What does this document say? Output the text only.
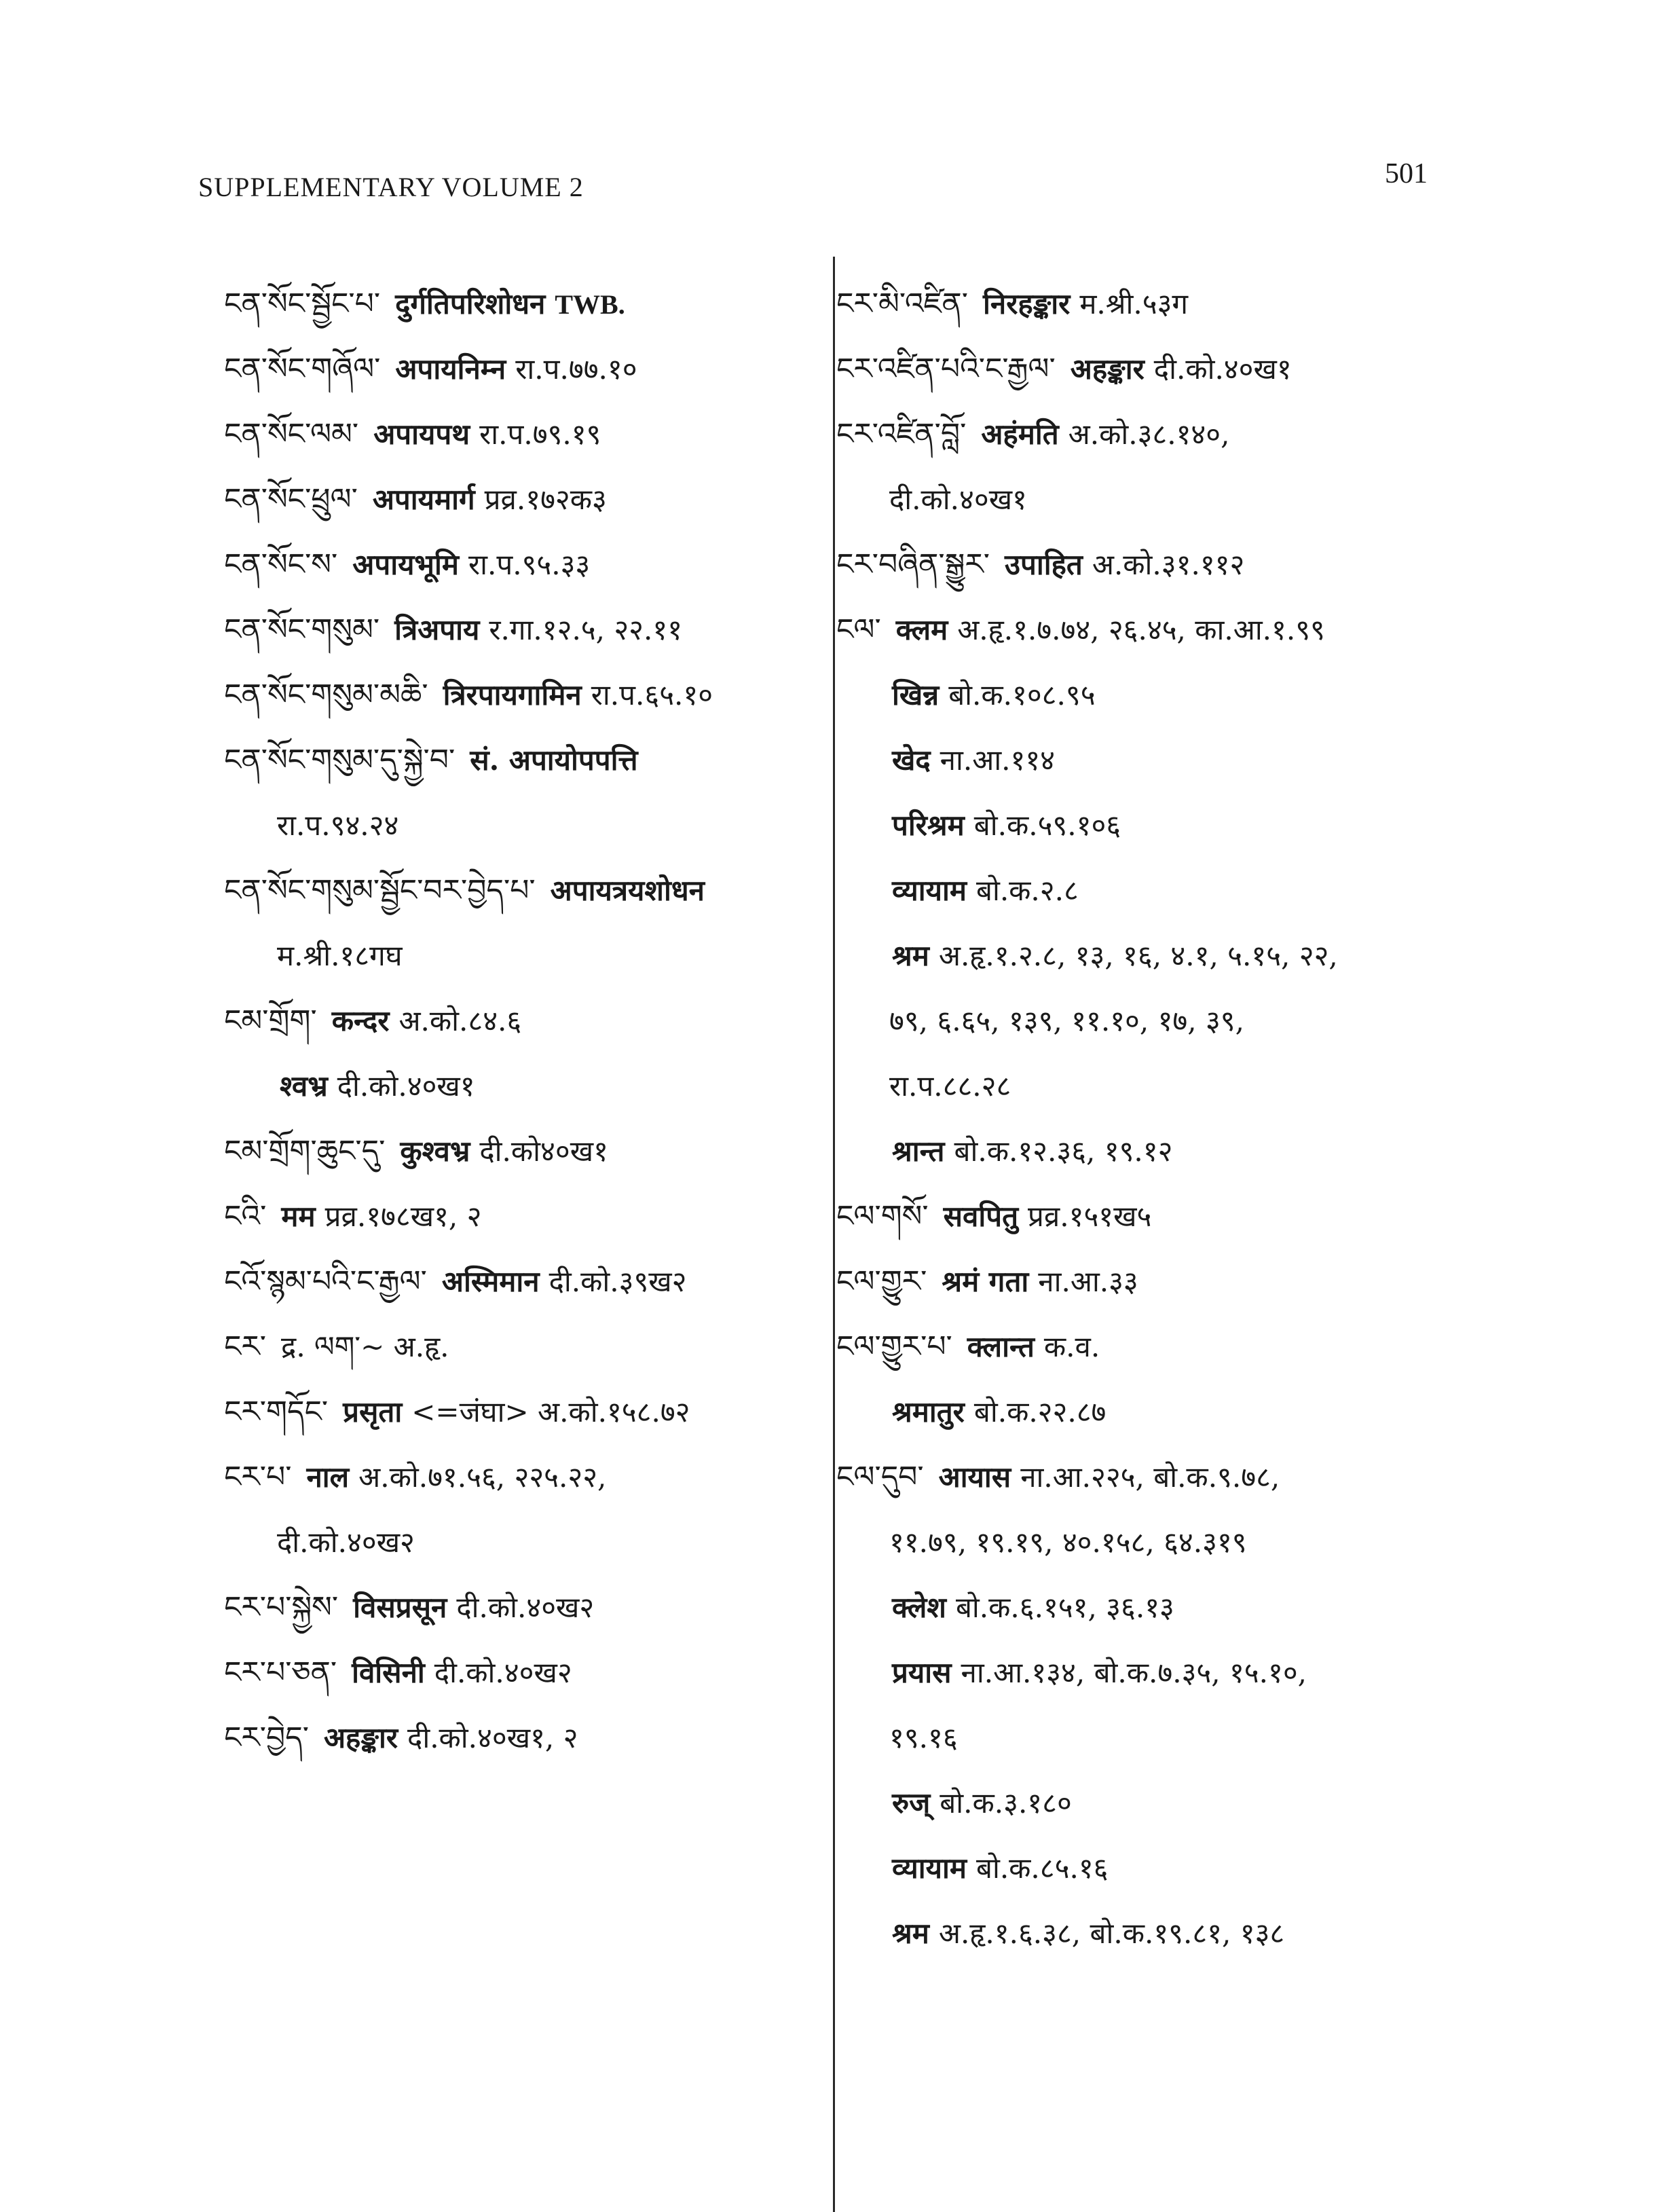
SUPPLEMENTARY VOLUME 2	501
ངན་སོང་སྦྱོང་པ་ दुर्गतिपरिशोधन TWB.
ངན་སོང་གཞོལ་ अपायनिम्न रा.प.७७.१०
ངན་སོང་ལམ་ अपायपथ रा.प.७९.१९
ངན་སོང་ཕྲུལ་ अपायमार्ग प्रव्र.१७२क३
ངན་སོང་ས་ अपायभूमि रा.प.९५.३३
ངན་སོང་གསུམ་ त्रिअपाय र.गा.१२.५, २२.११
ངན་སོང་གསུམ་མཆི་ त्रिरपायगामिन रा.प.६५.१०
ངན་སོང་གསུམ་དུ་སྐྱེ་བ་ सं. अपायोपपत्ति
रा.प.९४.२४
ངན་སོང་གསུམ་སྦྱོང་བར་བྱེད་པ་ अपायत्रयशोधन
म.श्री.१८गघ
ངམ་གྲོག་ कन्दर अ.को.८४.६
श्वभ्र दी.को.४०ख१
ངམ་གྲོག་ཆུང་དུ་ कुश्वभ्र दी.को४०ख१
ངའི་ मम प्रव्र.१७८ख१, २
ངའོ་སྙམ་པའི་ང་རྒྱལ་ अस्मिमान दी.को.३९ख२
ངར་ द्र. ལག་~ अ.हृ.
ངར་གདོང་ प्रसृता <=जंघा> अ.को.१५८.७२
ངར་པ་ नाल अ.को.७१.५६, २२५.२२,
दी.को.४०ख२
ངར་པ་སྐྱེས་ विसप्रसून दी.को.४०ख२
ངར་པ་ཅན་ विसिनी दी.को.४०ख२
ངར་བྱེད་ अहङ्कार दी.को.४०ख१, २
ངར་མི་འཛིན་ निरहङ्कार म.श्री.५३ग
ངར་འཛིན་པའི་ང་རྒྱལ་ अहङ्कार दी.को.४०ख१
ངར་འཛིན་བློ་ अहंमति अ.को.३८.१४०,
दी.को.४०ख१
ངར་བཞིན་སྒྱུར་ उपाहित अ.को.३१.११२
ངལ་ क्लम अ.हृ.१.७.७४, २६.४५, का.आ.१.९९
खिन्न बो.क.१०८.९५
खेद ना.आ.११४
परिश्रम बो.क.५९.१०६
व्यायाम बो.क.२.८
श्रम अ.हृ.१.२.८, १३, १६, ४.१, ५.१५, २२,
७९, ६.६५, १३९, ११.१०, १७, ३९,
रा.प.८८.२८
श्रान्त बो.क.१२.३६, १९.१२
ངལ་གསོ་ सवपितु प्रव्र.१५१ख५
ངལ་གྱུར་ श्रमं गता ना.आ.३३
ངལ་གྱུར་པ་ क्लान्त क.व.
श्रमातुर बो.क.२२.८७
ངལ་དུབ་ आयास ना.आ.२२५, बो.क.९.७८,
११.७९, १९.१९, ४०.१५८, ६४.३१९
क्लेश बो.क.६.१५१, ३६.१३
प्रयास ना.आ.१३४, बो.क.७.३५, १५.१०,
१९.१६
रुज् बो.क.३.१८०
व्यायाम बो.क.८५.१६
श्रम अ.हृ.१.६.३८, बो.क.१९.८१, १३८
